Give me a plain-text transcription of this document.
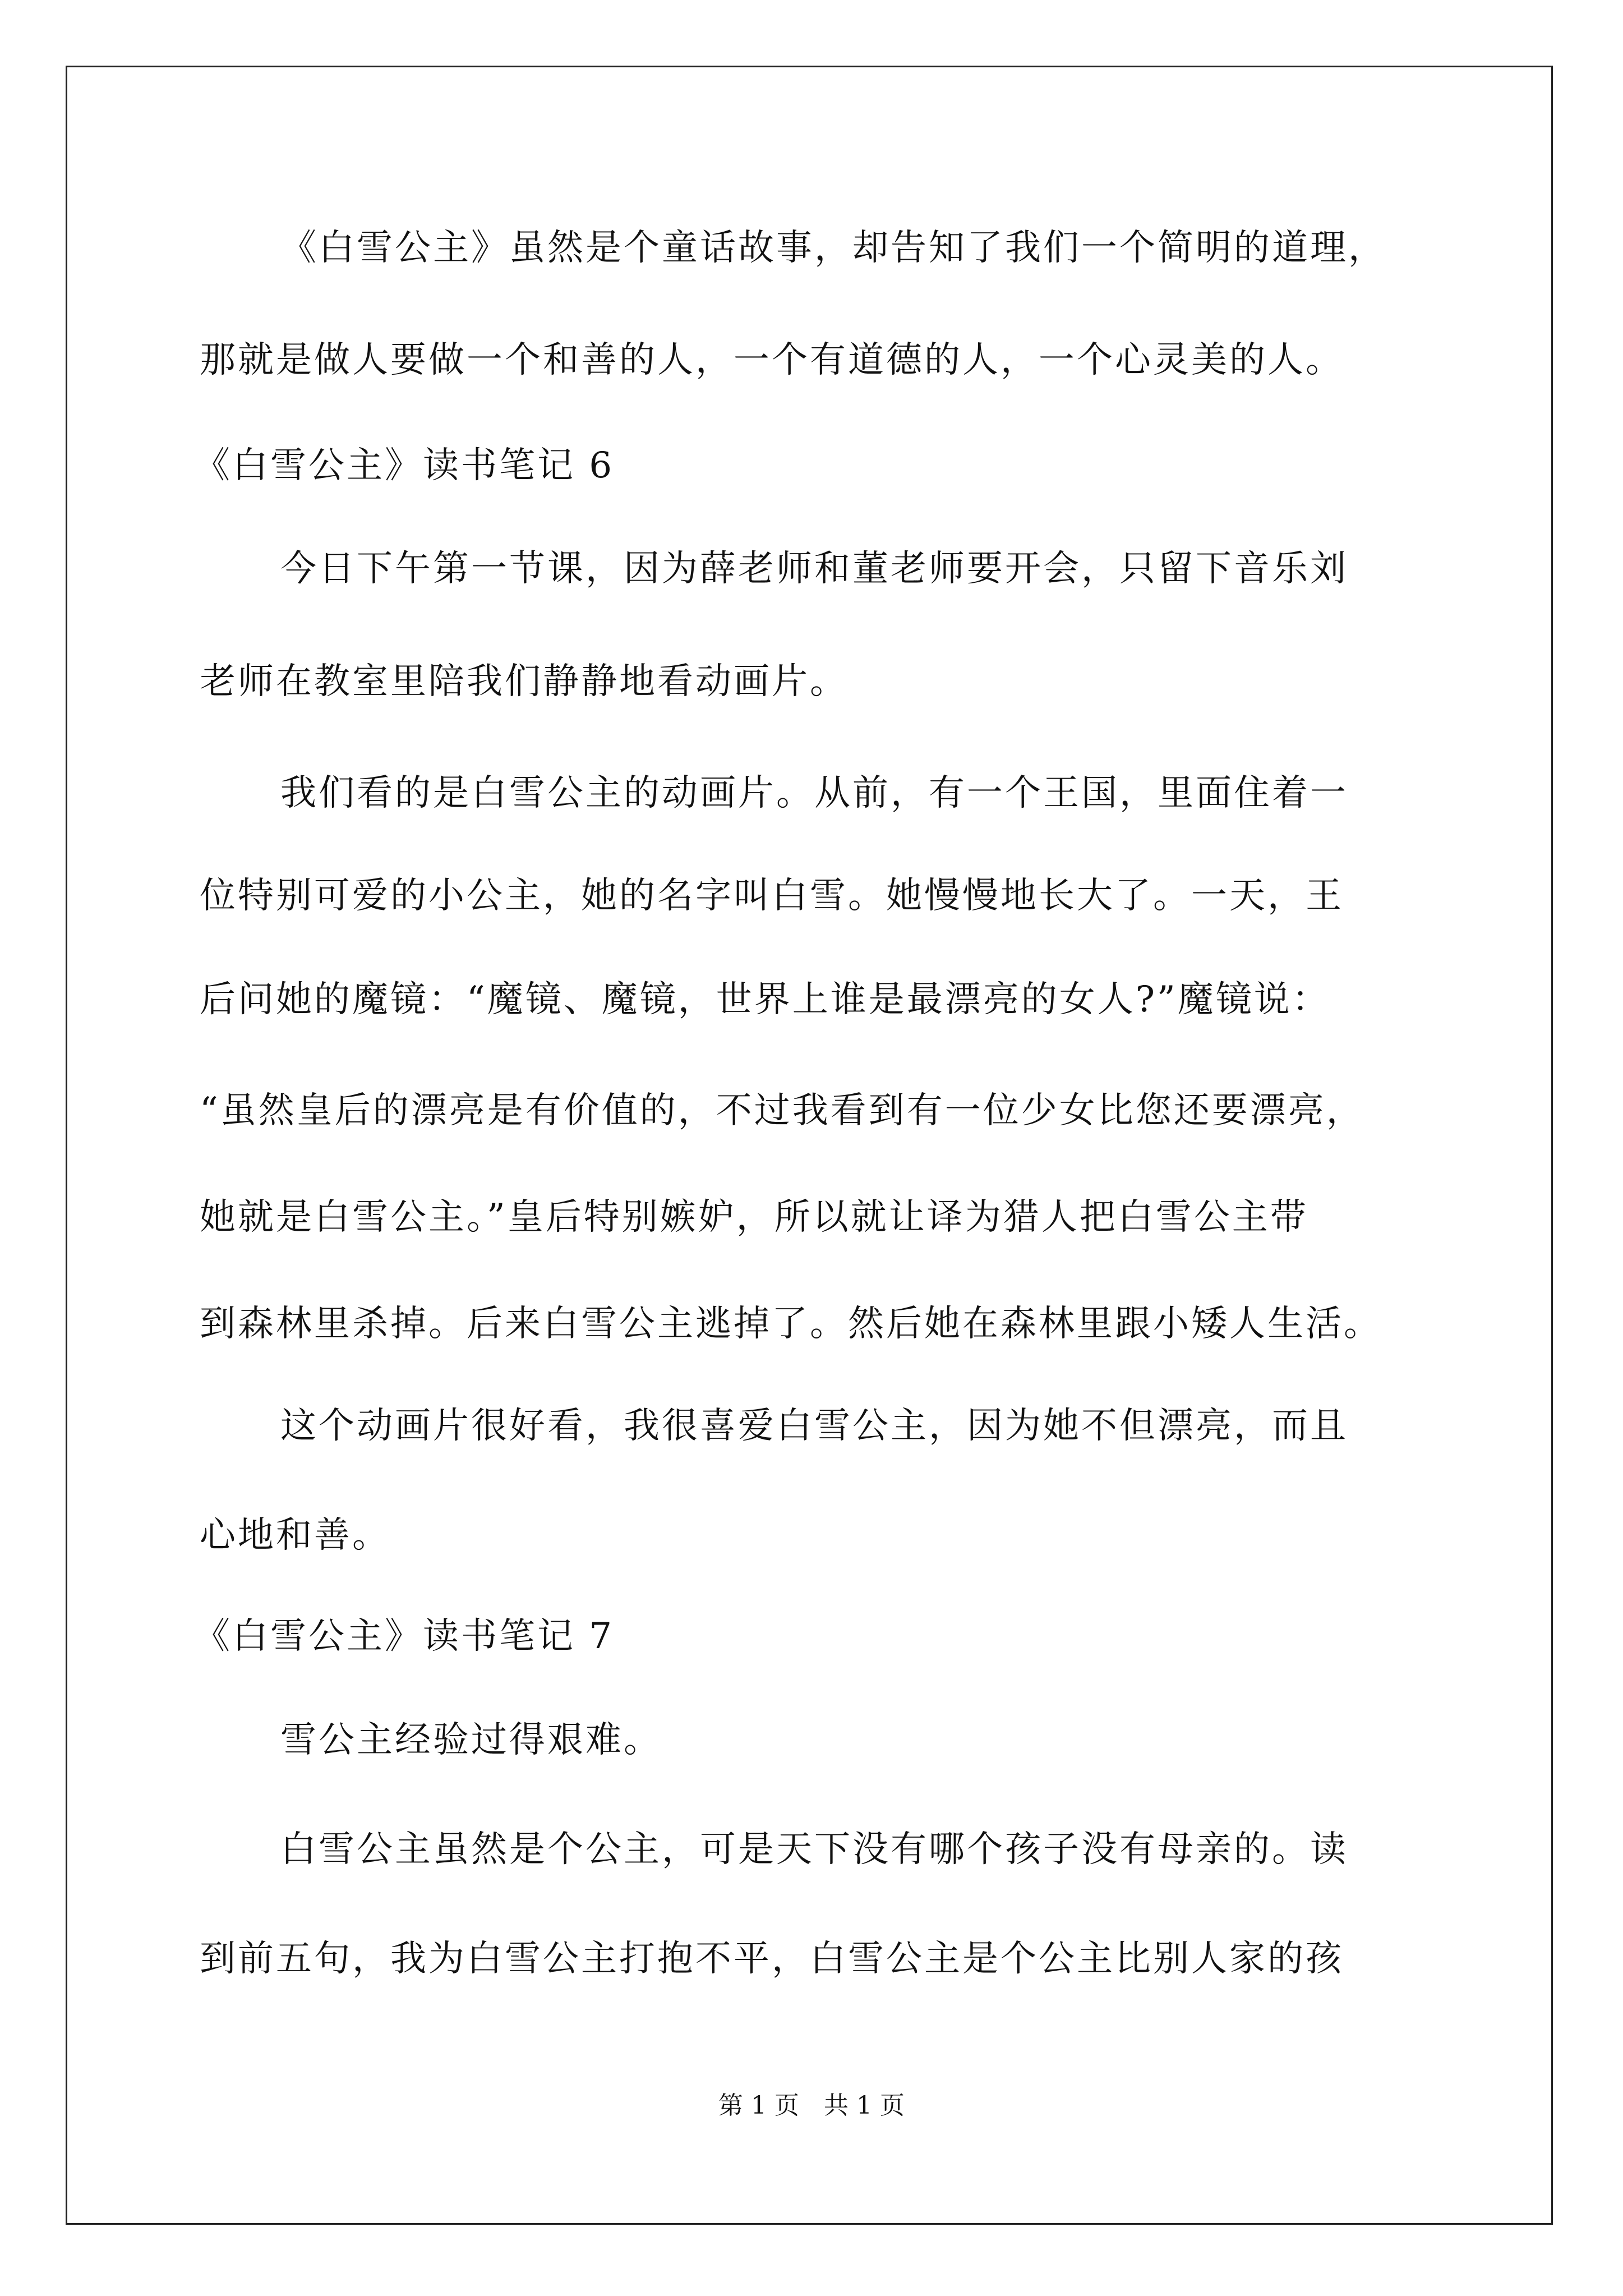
《白雪公主》虽然是个童话故事，却告知了我们一个简明的道理，
那就是做人要做一个和善的人，一个有道德的人，一个心灵美的人。
《白雪公主》读书笔记 6
今日下午第一节课，因为薛老师和董老师要开会，只留下音乐刘
老师在教室里陪我们静静地看动画片。
我们看的是白雪公主的动画片。从前，有一个王国，里面住着一
位特别可爱的小公主，她的名字叫白雪。她慢慢地长大了。一天，王
后问她的魔镜：“魔镜、魔镜，世界上谁是最漂亮的女人?”魔镜说：
“虽然皇后的漂亮是有价值的，不过我看到有一位少女比您还要漂亮，
她就是白雪公主。”皇后特别嫉妒，所以就让译为猎人把白雪公主带
到森林里杀掉。后来白雪公主逃掉了。然后她在森林里跟小矮人生活。
这个动画片很好看，我很喜爱白雪公主，因为她不但漂亮，而且
心地和善。
《白雪公主》读书笔记 7
雪公主经验过得艰难。
白雪公主虽然是个公主，可是天下没有哪个孩子没有母亲的。读
到前五句，我为白雪公主打抱不平，白雪公主是个公主比别人家的孩
第 1 页　共 1 页
